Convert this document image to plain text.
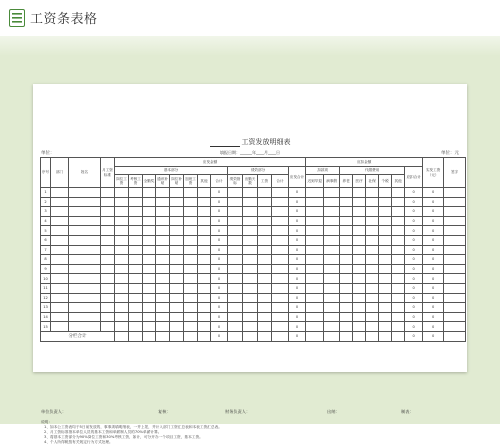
工资条表格
工资发放明细表
填报日期：______年____月____日
单位：	单位：元
序号	部门	姓名	月工资标准	应发金额													应扣金额								实发工资（元）	签字
				基本部分								绩效部分				应发合计	扣款项		代缴费用					应扣合计		
				岗位工资	考核工资	全勤奖	通讯补贴	岗位补贴	加班工资	其他	合计	绩效指标	出勤天数	工资	合计		迟到早退	病事假	养老	医疗	社保	个税	其他			
1											0					0								0	0	
2											0					0								0	0	
3											0					0								0	0	
4											0					0								0	0	
5											0					0								0	0	
6											0					0								0	0	
7											0					0								0	0	
8											0					0								0	0	
9											0					0								0	0	
10											0					0								0	0	
11											0					0								0	0	
12											0					0								0	0	
13											0					0								0	0	
14											0					0								0	0	
15											0					0								0	0	
分栏合计											0					0								0	0	
单位负责人：	复核：	财务负责人：	出纳：	制表：
说明：
1、如本公工资表均于5日前发放的，事事须填明细表，一并上报，并计入部门工资汇总表和本表工资汇总表。
2、月工资标准指本单位人员的基本工资和单薪制人员的70%单薪计算。
3、将基本工资部分为90%岗位工资和30%考核工资，如计，可分开办一个项目工资，基本工资。
4、个人所得税按有关规定行为方式处理。
